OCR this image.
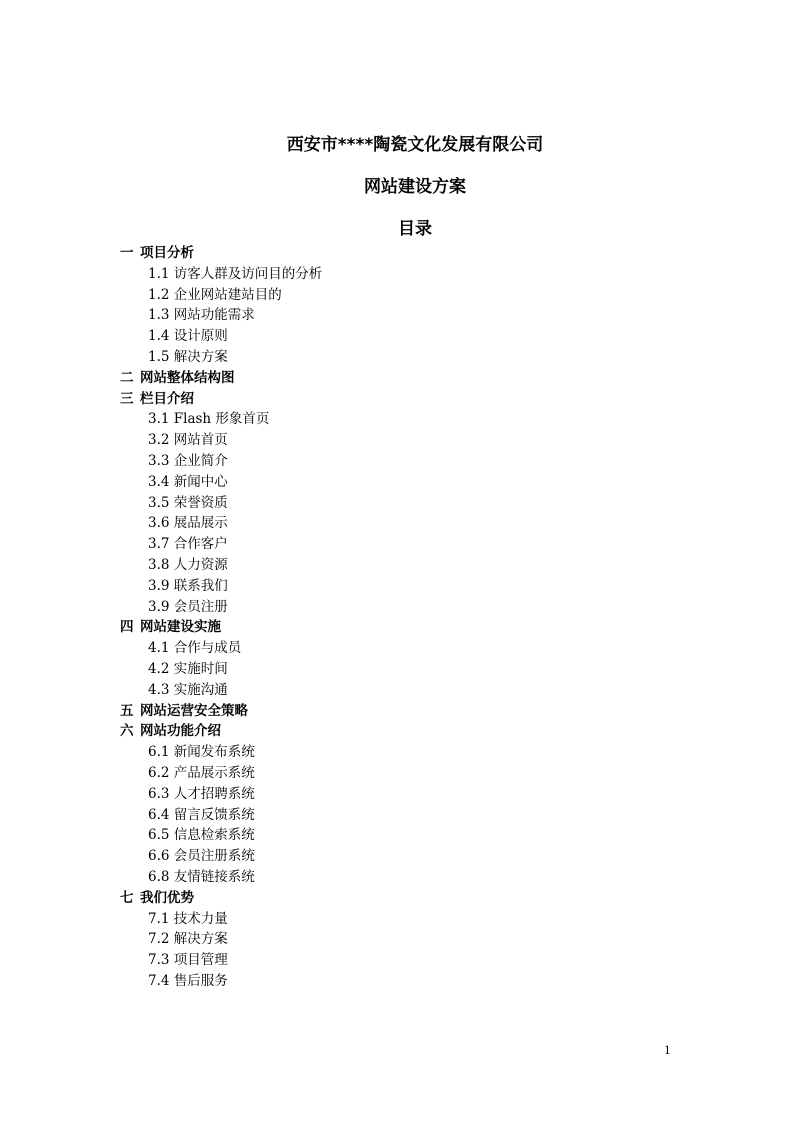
西安市****陶瓷文化发展有限公司
网站建设方案
目录
一 项目分析
1.1 访客人群及访问目的分析
1.2 企业网站建站目的
1.3 网站功能需求
1.4 设计原则
1.5 解决方案
二 网站整体结构图
三 栏目介绍
3.1 Flash 形象首页
3.2 网站首页
3.3 企业简介
3.4 新闻中心
3.5 荣誉资质
3.6 展品展示
3.7 合作客户
3.8 人力资源
3.9 联系我们
3.9 会员注册
四 网站建设实施
4.1 合作与成员
4.2 实施时间
4.3 实施沟通
五 网站运营安全策略
六 网站功能介绍
6.1 新闻发布系统
6.2 产品展示系统
6.3 人才招聘系统
6.4 留言反馈系统
6.5 信息检索系统
6.6 会员注册系统
6.8 友情链接系统
七 我们优势
7.1 技术力量
7.2 解决方案
7.3 项目管理
7.4 售后服务
1
